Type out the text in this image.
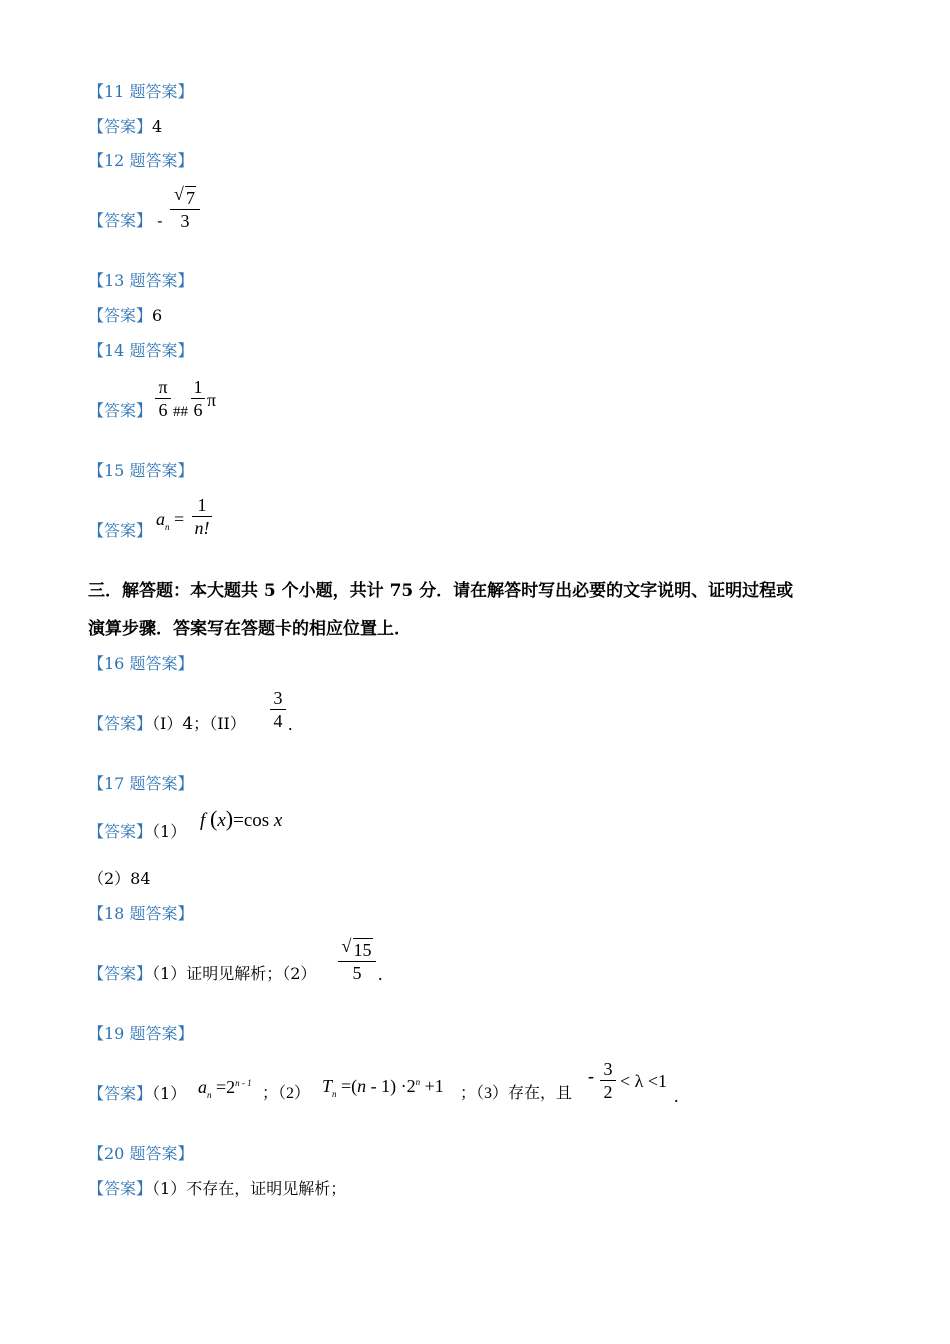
【11 题答案】
【答案】4
【12 题答案】
【答案】 -
√ 7
3
【13 题答案】
【答案】6
【14 题答案】
【答案】
π
6 ##
1
6 π
【15 题答案】
【答案】
$a_n$ =
1
n!
三．解答题：本大题共 5 个小题，共计 75 分．请在解答时写出必要的文字说明、证明过程或
演算步骤．答案写在答题卡的相应位置上．
【16 题答案】
【答案】（I）4；（II）
3
4 .
【17 题答案】
【答案】（1）
f (x)=cos x
（2）84
【18 题答案】
【答案】（1）证明见解析；（2）
√ 15
5 .
【19 题答案】
【答案】（1） $a_n =2^{n - 1}$
；（2） $T_n =(n - 1) \cdot 2^n +1$ ；（3）存在，且
- 3
2
< λ <1
.
【20 题答案】
【答案】（1）不存在，证明见解析；
